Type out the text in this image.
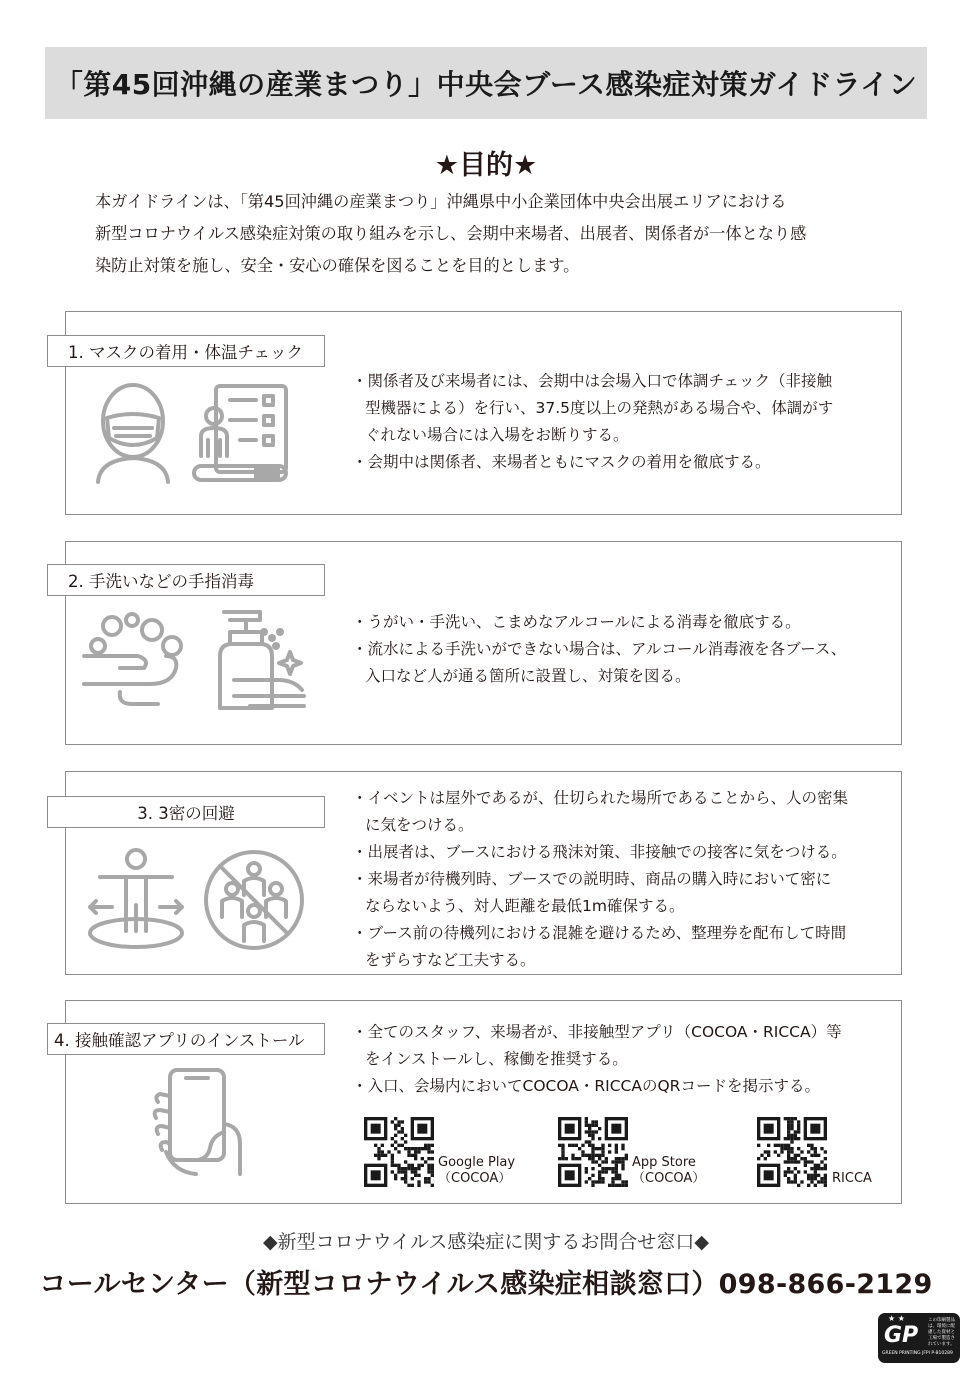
「第45回沖縄の産業まつり」中央会ブース感染症対策ガイドライン
★目的★
本ガイドラインは、「第45回沖縄の産業まつり」沖縄県中小企業団体中央会出展エリアにおける
新型コロナウイルス感染症対策の取り組みを示し、会期中来場者、出展者、関係者が一体となり感
染防止対策を施し、安全・安心の確保を図ることを目的とします。
1. マスクの着用・体温チェック
・関係者及び来場者には、会期中は会場入口で体調チェック（非接触
型機器による）を行い、37.5度以上の発熱がある場合や、体調がす
ぐれない場合には入場をお断りする。
・会期中は関係者、来場者ともにマスクの着用を徹底する。
2. 手洗いなどの手指消毒
・うがい・手洗い、こまめなアルコールによる消毒を徹底する。
・流水による手洗いができない場合は、アルコール消毒液を各ブース、
入口など人が通る箇所に設置し、対策を図る。
3. 3密の回避
・イベントは屋外であるが、仕切られた場所であることから、人の密集
に気をつける。
・出展者は、ブースにおける飛沫対策、非接触での接客に気をつける。
・来場者が待機列時、ブースでの説明時、商品の購入時において密に
ならないよう、対人距離を最低1m確保する。
・ブース前の待機列における混雑を避けるため、整理券を配布して時間
をずらすなど工夫する。
4. 接触確認アプリのインストール	・全てのスタッフ、来場者が、非接触型アプリ（COCOA・RICCA）等
をインストールし、稼働を推奨する。
・入口、会場内においてCOCOA・RICCAのQRコードを掲示する。
Google Play
（COCOA）
App Store
（COCOA）	RICCA
◆新型コロナウイルス感染症に関するお問合せ窓口◆
コールセンター（新型コロナウイルス感染症相談窓口）098-866-2129
★ ★
GP
GREEN PRINTING JFPI P-B10289
この印刷製品は、環境に配慮した資材と工場で製造されています。
